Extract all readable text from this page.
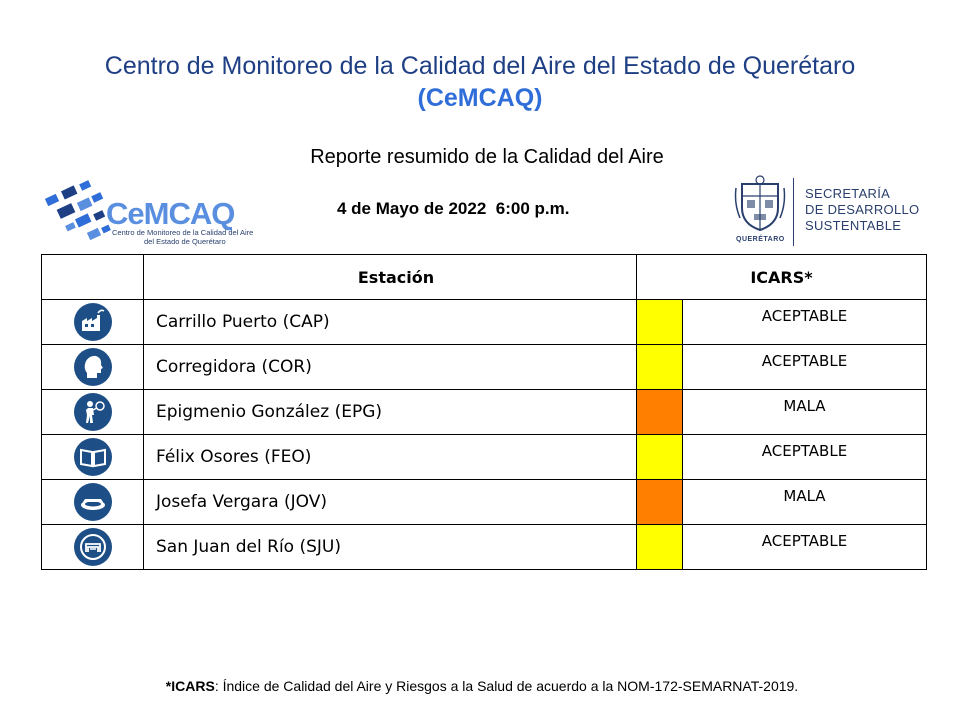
Centro de Monitoreo de la Calidad del Aire del Estado de Querétaro
(CeMCAQ)
Reporte resumido de la Calidad del Aire
4 de Mayo de 2022  6:00 p.m.
CeMCAQ
Centro de Monitoreo de la Calidad del Aire
del Estado de Querétaro	QUERÉTARO
SECRETARÍA
DE DESARROLLO
SUSTENTABLE
	Estación	ICARS*	
	Carrillo Puerto (CAP)		ACEPTABLE
	Corregidora (COR)		ACEPTABLE
	Epigmenio González (EPG)		MALA
	Félix Osores (FEO)		ACEPTABLE
	Josefa Vergara (JOV)		MALA
	San Juan del Río (SJU)		ACEPTABLE
*ICARS: Índice de Calidad del Aire y Riesgos a la Salud de acuerdo a la NOM-172-SEMARNAT-2019.
